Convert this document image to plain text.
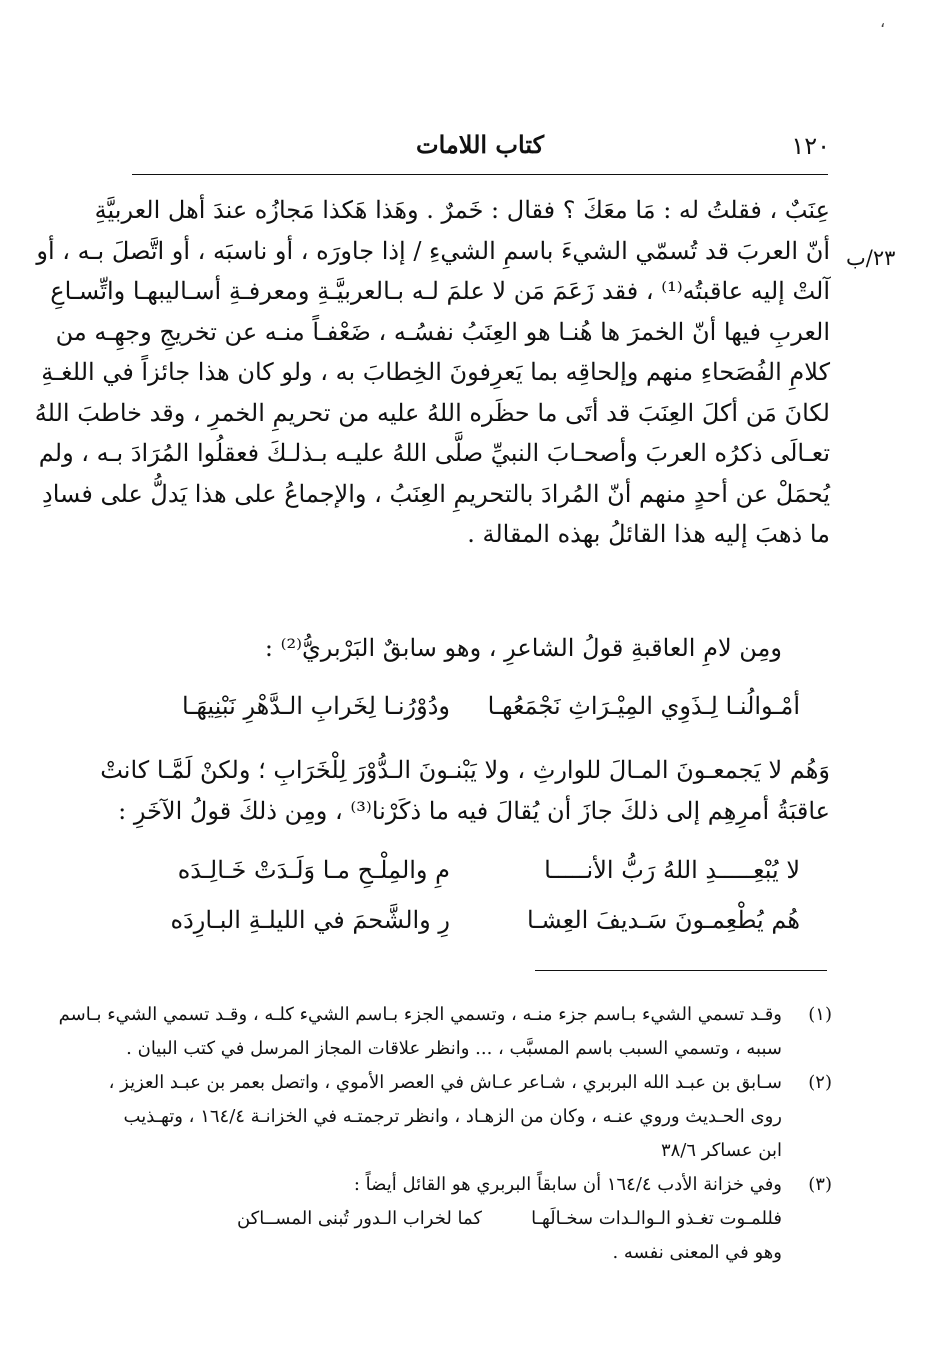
،
١٢٠
كتاب اللامات
٢٣/ب
عِنَبٌ ، فقلتُ له : مَا معَكَ ؟ فقال : خَمرٌ . وهَذا هَكذا مَجازُه عندَ أهل العربيَّةِ
أنّ العربَ قد تُسمّي الشيءَ باسمِ الشيءِ / إذا جاورَه ، أو ناسبَه ، أو اتَّصلَ بـه ، أو
آلتْ إليه عاقبتُه⁽¹⁾ ، فقد زَعَمَ مَن لا علمَ لـه بـالعربيَّـةِ ومعرفـةِ أسـاليبهـا واتِّسـاعِ
العربِ فيها أنّ الخمرَ ها هُنـا هو العِنَبُ نفسُـه ، ضَعْفـاً منـه عن تخريجِ وجهِـه من
كلامِ الفُصَحاءِ منهم وإلحاقِه بما يَعرِفونَ الخِطابَ به ، ولو كان هذا جائزاً في اللغـةِ
لكانَ مَن أكلَ العِنَبَ قد أتَى ما حظَره اللهُ عليه من تحريمِ الخمرِ ، وقد خاطبَ اللهُ
تعـالَى ذكرُه العربَ وأصحـابَ النبيِّ صلَّى اللهُ عليـه بـذلـكَ فعقلُوا المُرَادَ بـه ، ولم
يُحمَلْ عن أحدٍ منهم أنّ المُرادَ بالتحريمِ العِنَبُ ، والإجماعُ على هذا يَدلُّ على فسادِ
ما ذهبَ إليه هذا القائلُ بهذه المقالة .
ومِن لامِ العاقبةِ قولُ الشاعرِ ، وهو سابقٌ البَرْبريُّ⁽²⁾ :
أمْـوالُنـا لِـذَوِي المِيْـرَاثِ نَجْمَعُهـا
ودُوْرُنـا لِخَرابِ الـدَّهْرِ نَبْنِيهَـا
وَهُم لا يَجمعـونَ المـالَ للوارثِ ، ولا يَبْنـونَ الـدُّوْرَ لِلْخَرَابِ ؛ ولكنْ لَمَّـا كانتْ
عاقبَةُ أمرِهِم إلى ذلكَ جازَ أن يُقالَ فيه ما ذكَرْنا⁽³⁾ ، ومِن ذلكَ قولُ الآخَرِ :
لا يُبْعِـــــدِ اللهُ رَبُّ الأنـــــا
مِ والمِلْـحِ مـا وَلَـدَتْ خَـالِـدَه
هُم يُطْعِمـونَ سَـديفَ العِشـا
رِ والشَّحمَ في الليلـةِ البـارِدَه
(١)
وقـد تسمي الشيء بـاسم جزء منـه ، وتسمي الجزء بـاسم الشيء كلـه ، وقـد تسمي الشيء بـاسم
سببه ، وتسمي السبب باسم المسبَّب ، ... وانظر علاقات المجاز المرسل في كتب البيان .
(٢)
سـابق بن عبـد الله البربري ، شـاعر عـاش في العصر الأموي ، واتصل بعمر بن عبـد العزيز ،
روى الحـديث وروي عنـه ، وكان من الزهـاد ، وانظر ترجمتـه في الخزانـة ١٦٤/٤ ، وتهـذيب
ابن عساكر ٣٨/٦
(٣)
وفي خزانة الأدب ١٦٤/٤ أن سابقاً البربري هو القائل أيضاً :
فللمـوت تغـذو الـوالـدات سخـالَهـا
كما لخراب الـدور تُبنى المســاكن
وهو في المعنى نفسه .
